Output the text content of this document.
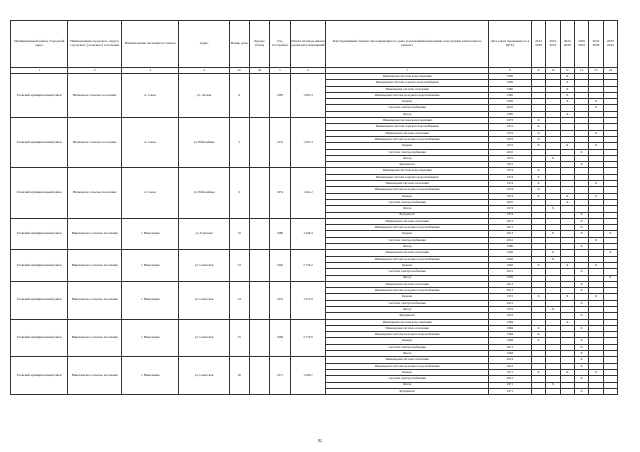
Муниципальный район, Городской округ	Наименование городского округа, городского (сельского) поселения	Наименование населенного пункта	Адрес	Номер дома	Корпус (блок)	Год постройки	Общая площадь жилых (нежилых) помещений	Конструктивный элемент многоквартирного дома, подлежащий включению в программу капитального ремонта	Дата ранее проведенного в КР Е)	2014 2018	2019 2023	2024 2028	2029 2033	2034 2038	2039 2043
1	2	3	4	4a	4б	5	6	7	8	9	10	11	12	13	14
Еланский муниципальный район	Ничковское сельское поселение	п. Сокол	ул. Лесная	9		1985	1 663.3	Инженерная система водоотведения	1985			X			
								Инженерная система горячего водоснабжения	1985			X			
								Инженерная система отопления	1985			X			
								Инженерная система холодного водоснабжения	1985			X			
								Крыша	1985			X		X	
								Система электроснабжения	2010					X	
								Фасад	1985			X			
Еланский муниципальный район	Ничковское сельское поселение	п. Сокол	ул. Юбилейная	5		1972	1 647.4	Инженерная система водоотведения	1972	X					
								Инженерная система горячего водоснабжения	1972	X					
								Инженерная система отопления	1972	X				X	
								Инженерная система холодного водоснабжения	1972	X					
								Крыша	1972	X		X		X	
								Система электроснабжения	2010				X		
								Фасад	1972		X				
								Фундамент	1972				X		
Еланский муниципальный район	Ничковское сельское поселение	п. Сокол	ул. Юбилейная	6		1974	1 641.2	Инженерная система водоотведения	1974	X					
								Инженерная система горячего водоснабжения	1974	X					
								Инженерная система отопления	1974	X				X	
								Инженерная система холодного водоснабжения	1974	X					
								Крыша	1974	X		X		X	
								Система электроснабжения	2010			X			
								Фасад	1974		X				
								Фундамент	1974				X		
Еланский муниципальный район	Николаевское сельское поселение	с. Николаевка	ул. Еланская	10		1986	1 649.4	Инженерная система отопления	2013				X		
								Инженерная система холодного водоснабжения	2013				X		
								Крыша	2013		X		X		X
								Система электроснабжения	2012					X	
								Фасад	1986				X		
Еланский муниципальный район	Николаевское сельское поселение	с. Николаевка	ул. Советская	23		1992	2 770.2	Инженерная система отопления	1992		X				X
								Инженерная система холодного водоснабжения	1992		X				
								Крыша	1992	X		X		X	
								Система электроснабжения	2012				X		
								Фасад	1992						X
Еланский муниципальный район	Николаевское сельское поселение	с. Николаевка	ул. Советская	24		1972	1 075.0	Инженерная система отопления	2013				X		
								Инженерная система холодного водоснабжения	2013				X		
								Крыша	1972	X		X		X	
								Система электроснабжения	2012				X		
								Фасад	1972		X				
								Фундамент	1972				X		
Еланский муниципальный район	Николаевское сельское поселение	с. Николаевка	ул. Советская	25		1984	2 770.0	Инженерная система водоотведения	1984			X			
								Инженерная система отопления	1984	X			X		
								Инженерная система холодного водоснабжения	1984	X					
								Крыша	1984	X			X		
								Система электроснабжения	2013				X		
								Фасад	1984				X		
Еланский муниципальный район	Николаевское сельское поселение	с. Николаевка	ул. Советская	26		1971	1 069.7	Инженерная система отопления	2012				X		
								Инженерная система холодного водоснабжения	2012				X		
								Крыша	1971	X		X		X	
								Система электроснабжения	2012				X		
								Фасад	1971		X				
								Фундамент	1971				X		
82
